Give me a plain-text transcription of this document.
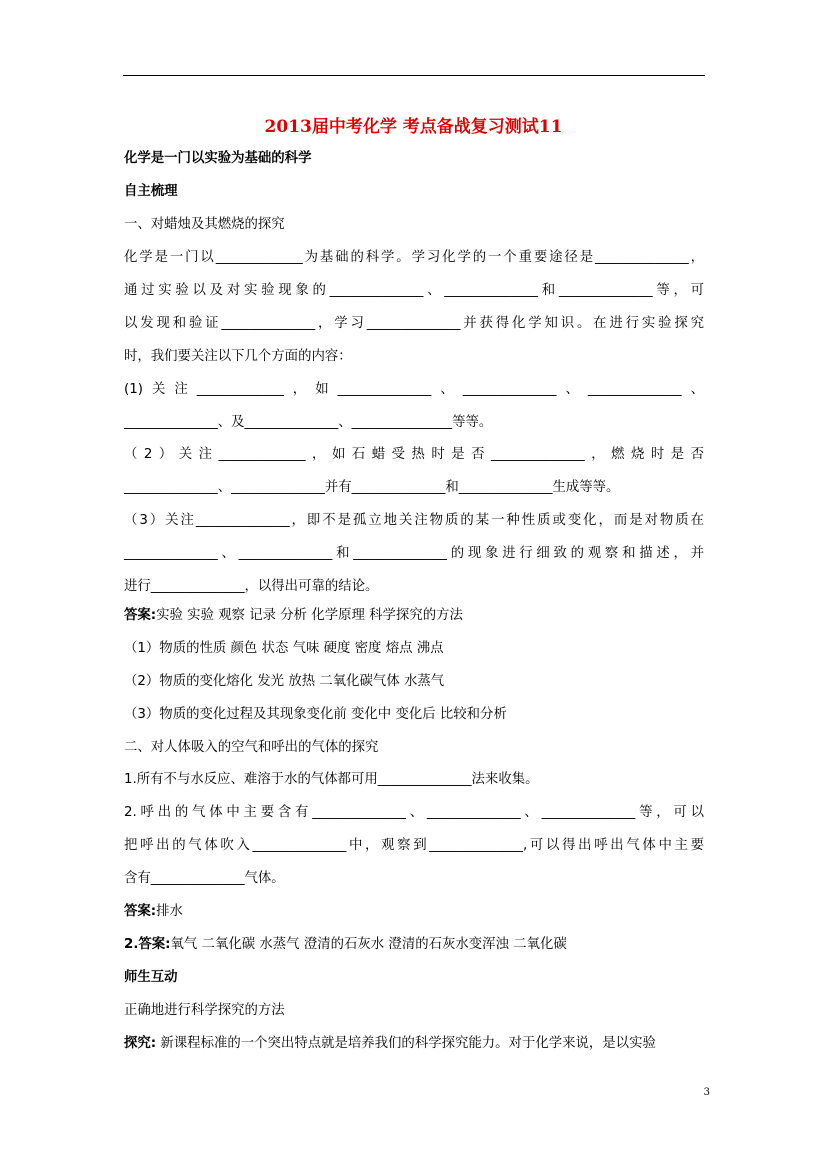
2013届中考化学 考点备战复习测试11
化学是一门以实验为基础的科学
自主梳理
一、对蜡烛及其燃烧的探究
化学是一门以_____________为基础的科学。学习化学的一个重要途径是______________，
通过实验以及对实验现象的______________、______________和______________等，可
以发现和验证______________，学习______________并获得化学知识。在进行实验探究
时，我们要关注以下几个方面的内容：
(1)关注_____________，如______________、______________、______________、
______________、及______________、_______________等等。
（2）关注_____________，如石蜡受热时是否______________，燃烧时是否
______________、______________并有______________和______________生成等等。
（3）关注______________，即不是孤立地关注物质的某一种性质或变化，而是对物质在
______________、______________和______________的现象进行细致的观察和描述，并
进行______________，以得出可靠的结论。
答案:实验 实验 观察 记录 分析 化学原理 科学探究的方法
（1）物质的性质 颜色 状态 气味 硬度 密度 熔点 沸点
（2）物质的变化熔化 发光 放热 二氧化碳气体 水蒸气
（3）物质的变化过程及其现象变化前 变化中 变化后 比较和分析
二、对人体吸入的空气和呼出的气体的探究
1.所有不与水反应、难溶于水的气体都可用______________法来收集。
2.呼出的气体中主要含有______________、______________、______________等，可以
把呼出的气体吹入______________中，观察到______________,可以得出呼出气体中主要
含有______________气体。
答案:排水
2.答案:氧气 二氧化碳 水蒸气 澄清的石灰水 澄清的石灰水变浑浊 二氧化碳
师生互动
正确地进行科学探究的方法
探究: 新课程标准的一个突出特点就是培养我们的科学探究能力。对于化学来说，是以实验
3
